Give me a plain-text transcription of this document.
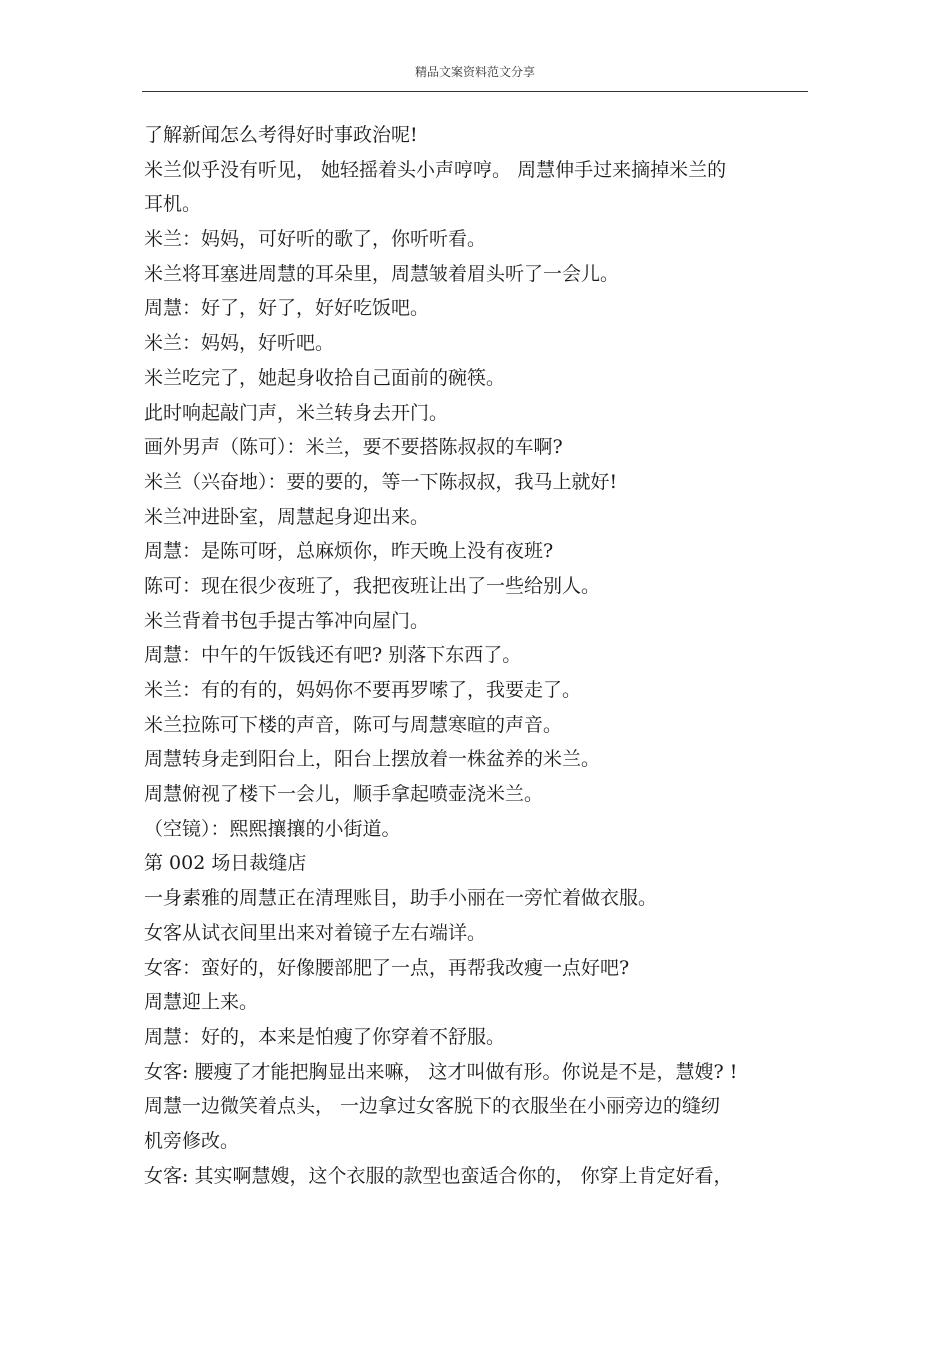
精品文案资料范文分享
了解新闻怎么考得好时事政治呢!
米兰似乎没有听见， 她轻摇着头小声哼哼。 周慧伸手过来摘掉米兰的
耳机。
米兰：妈妈，可好听的歌了，你听听看。
米兰将耳塞进周慧的耳朵里，周慧皱着眉头听了一会儿。
周慧：好了，好了，好好吃饭吧。
米兰：妈妈，好听吧。
米兰吃完了，她起身收拾自己面前的碗筷。
此时响起敲门声，米兰转身去开门。
画外男声（陈可）：米兰，要不要搭陈叔叔的车啊?
米兰（兴奋地）：要的要的，等一下陈叔叔，我马上就好!
米兰冲进卧室，周慧起身迎出来。
周慧：是陈可呀，总麻烦你，昨天晚上没有夜班?
陈可：现在很少夜班了，我把夜班让出了一些给别人。
米兰背着书包手提古筝冲向屋门。
周慧：中午的午饭钱还有吧? 别落下东西了。
米兰：有的有的，妈妈你不要再罗嗦了，我要走了。
米兰拉陈可下楼的声音，陈可与周慧寒暄的声音。
周慧转身走到阳台上，阳台上摆放着一株盆养的米兰。
周慧俯视了楼下一会儿，顺手拿起喷壶浇米兰。
（空镜）：熙熙攘攘的小街道。
第 002 场日裁缝店
一身素雅的周慧正在清理账目，助手小丽在一旁忙着做衣服。
女客从试衣间里出来对着镜子左右端详。
女客：蛮好的，好像腰部肥了一点，再帮我改瘦一点好吧?
周慧迎上来。
周慧：好的，本来是怕瘦了你穿着不舒服。
女客: 腰瘦了才能把胸显出来嘛， 这才叫做有形。你说是不是，慧嫂? !
周慧一边微笑着点头， 一边拿过女客脱下的衣服坐在小丽旁边的缝纫
机旁修改。
女客: 其实啊慧嫂，这个衣服的款型也蛮适合你的， 你穿上肯定好看，
